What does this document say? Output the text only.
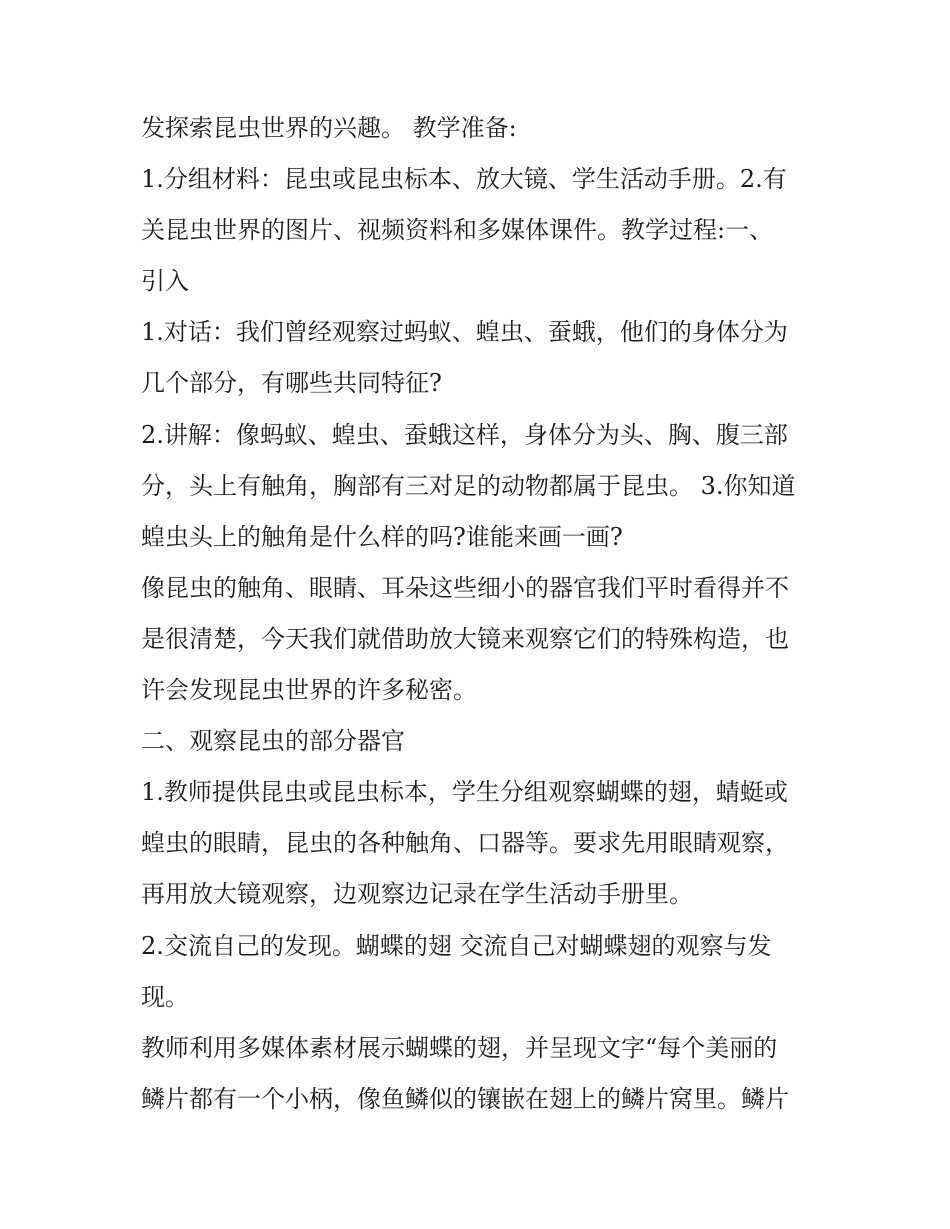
发探索昆虫世界的兴趣。 教学准备:
1.分组材料：昆虫或昆虫标本、放大镜、学生活动手册。2.有
关昆虫世界的图片、视频资料和多媒体课件。教学过程:一、
引入
1.对话：我们曾经观察过蚂蚁、蝗虫、蚕蛾，他们的身体分为
几个部分，有哪些共同特征?
2.讲解：像蚂蚁、蝗虫、蚕蛾这样，身体分为头、胸、腹三部
分，头上有触角，胸部有三对足的动物都属于昆虫。 3.你知道
蝗虫头上的触角是什么样的吗?谁能来画一画?
像昆虫的触角、眼睛、耳朵这些细小的器官我们平时看得并不
是很清楚，今天我们就借助放大镜来观察它们的特殊构造，也
许会发现昆虫世界的许多秘密。
二、观察昆虫的部分器官
1.教师提供昆虫或昆虫标本，学生分组观察蝴蝶的翅，蜻蜓或
蝗虫的眼睛，昆虫的各种触角、口器等。要求先用眼睛观察，
再用放大镜观察，边观察边记录在学生活动手册里。
2.交流自己的发现。蝴蝶的翅 交流自己对蝴蝶翅的观察与发
现。
教师利用多媒体素材展示蝴蝶的翅，并呈现文字“每个美丽的
鳞片都有一个小柄，像鱼鳞似的镶嵌在翅上的鳞片窝里。鳞片
